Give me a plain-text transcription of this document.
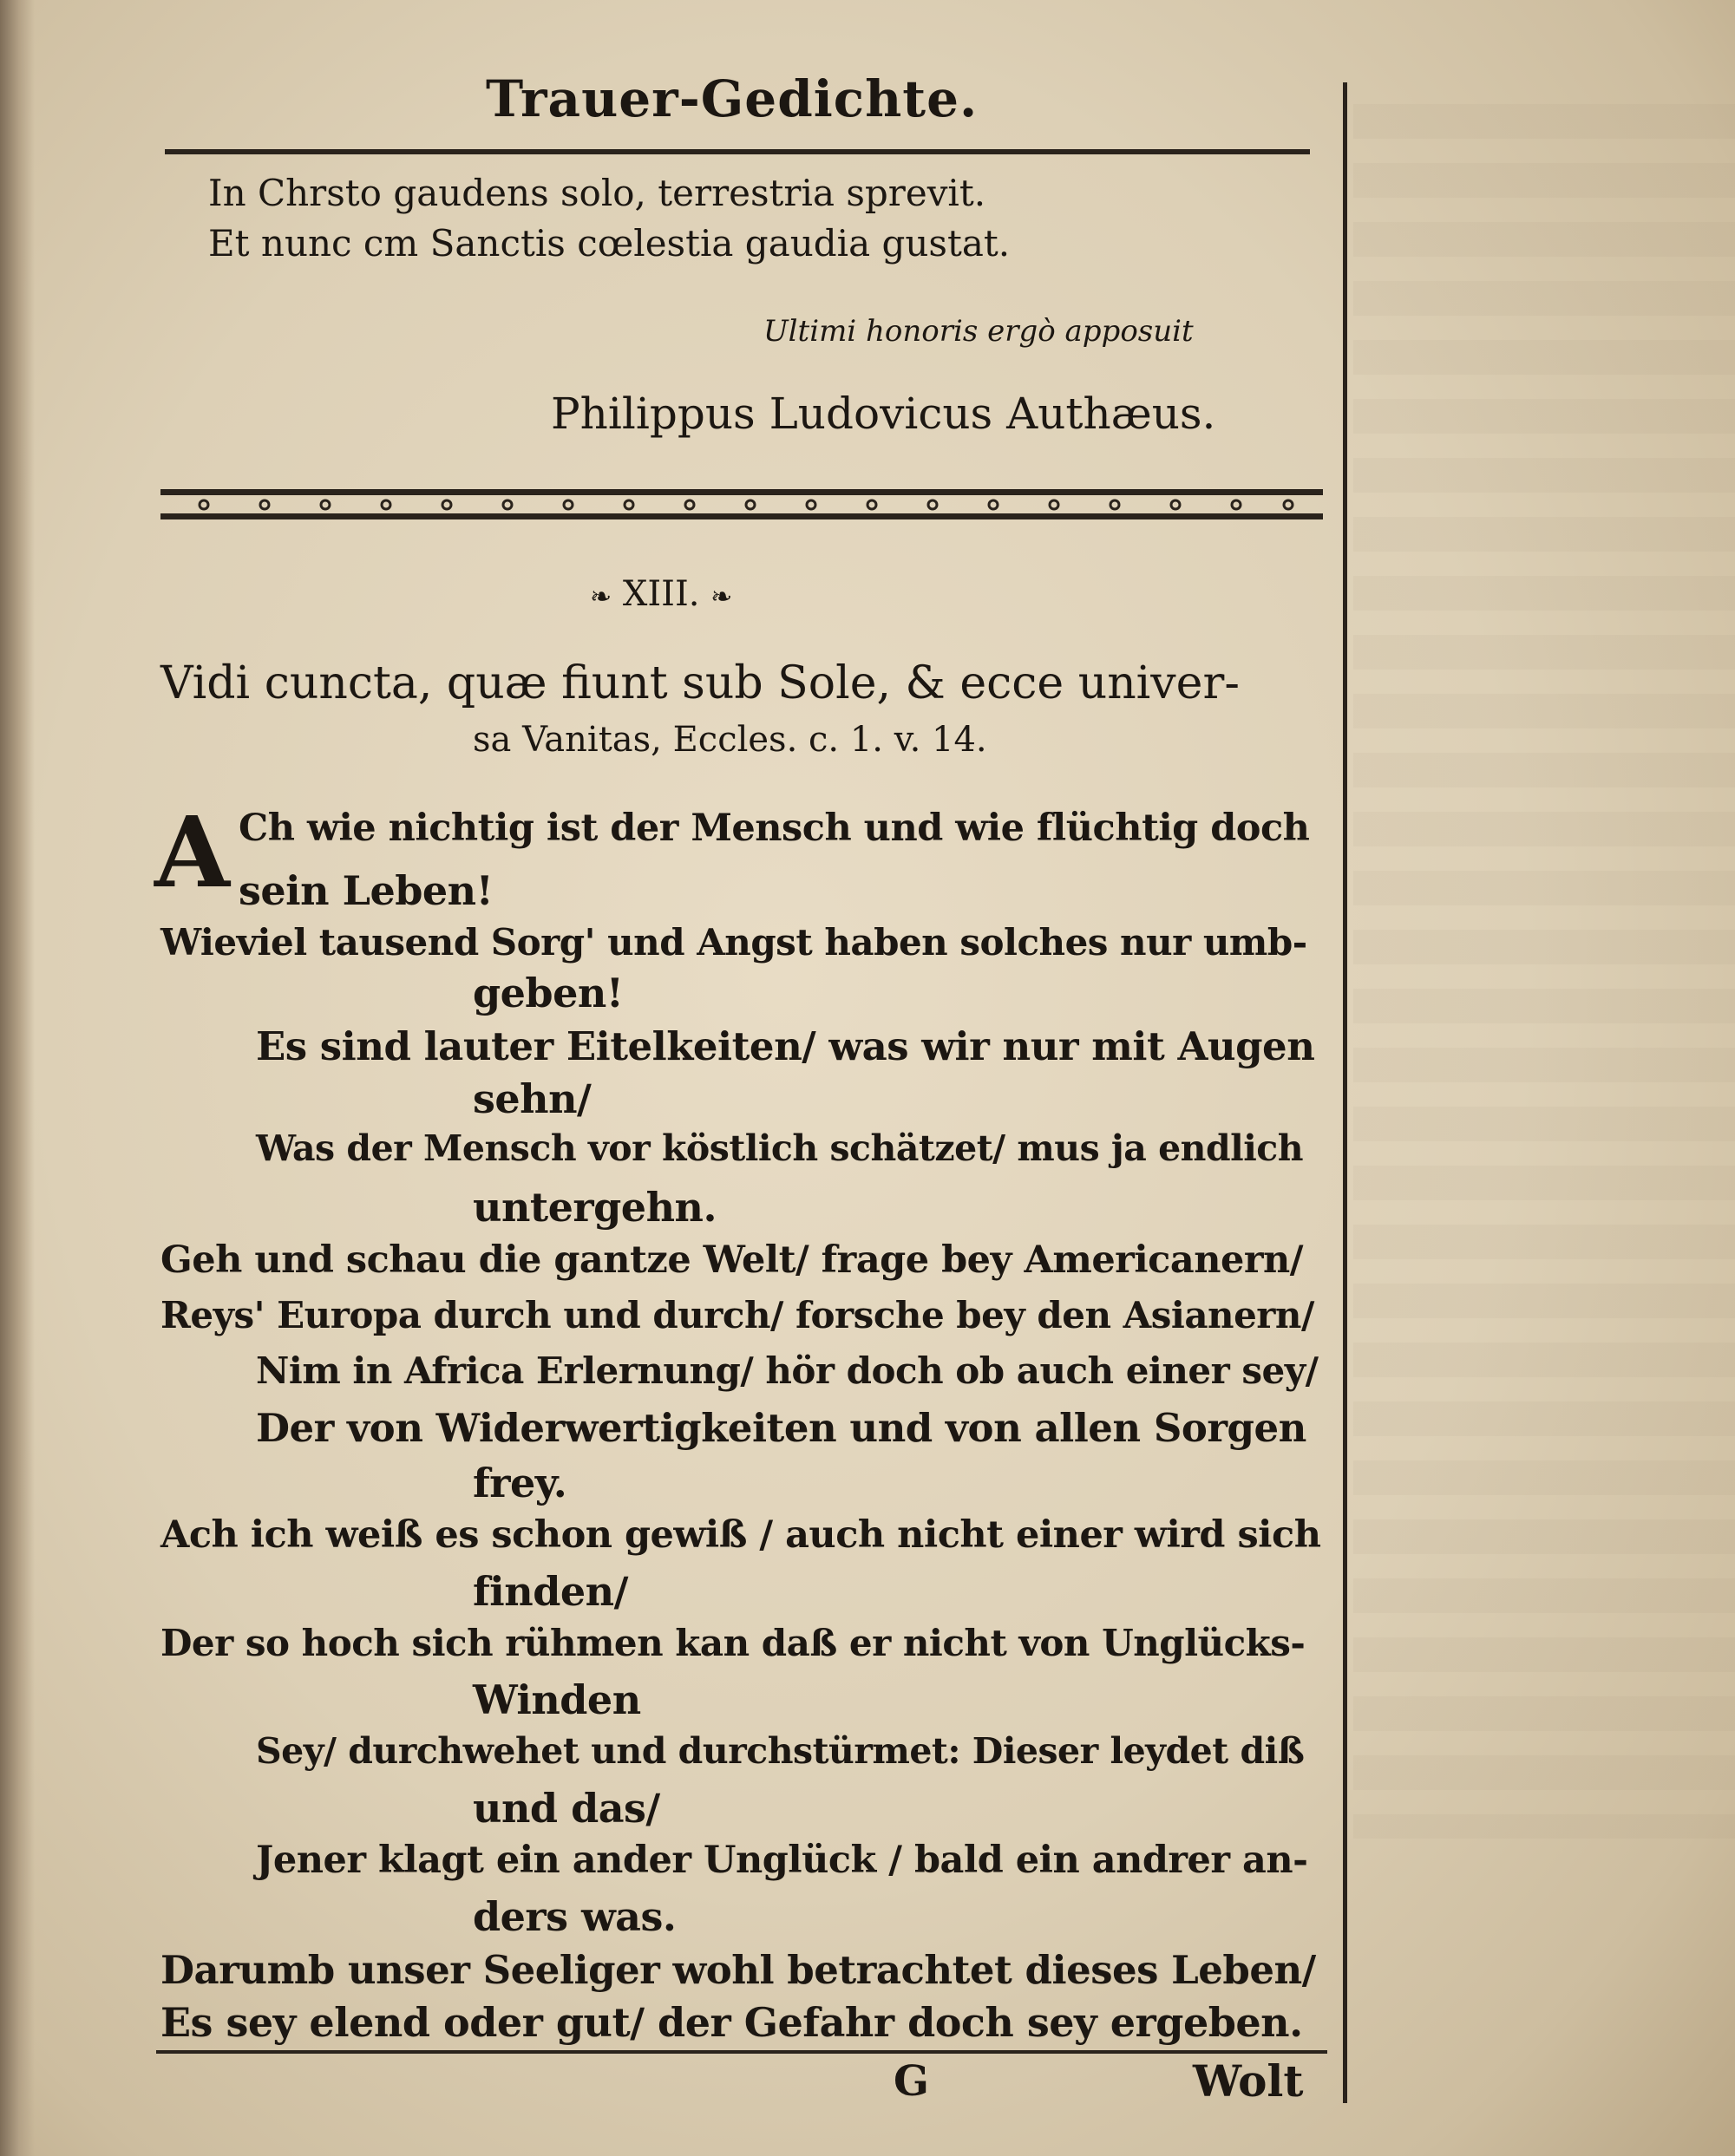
Trauer-Gedichte.
In Chrsto gaudens solo, terrestria sprevit.
Et nunc cm Sanctis cœlestia gaudia gustat.
Ultimi honoris ergò apposuit
Philippus Ludovicus Authæus.
❧ XIII. ❧
Vidi cuncta, quæ fiunt sub Sole, & ecce univer-
sa Vanitas, Eccles. c. 1. v. 14.
A Ch wie nichtig ist der Mensch und wie flüchtig doch
sein Leben!
Wieviel tausend Sorg' und Angst haben solches nur umb-
geben!
Es sind lauter Eitelkeiten/ was wir nur mit Augen
sehn/
Was der Mensch vor köstlich schätzet/ mus ja endlich
untergehn.
Geh und schau die gantze Welt/ frage bey Americanern/
Reys' Europa durch und durch/ forsche bey den Asianern/
Nim in Africa Erlernung/ hör doch ob auch einer sey/
Der von Widerwertigkeiten und von allen Sorgen
frey.
Ach ich weiß es schon gewiß / auch nicht einer wird sich
finden/
Der so hoch sich rühmen kan daß er nicht von Unglücks-
Winden
Sey/ durchwehet und durchstürmet: Dieser leydet diß
und das/
Jener klagt ein ander Unglück / bald ein andrer an-
ders was.
Darumb unser Seeliger wohl betrachtet dieses Leben/
Es sey elend oder gut/ der Gefahr doch sey ergeben.
G	Wolt
